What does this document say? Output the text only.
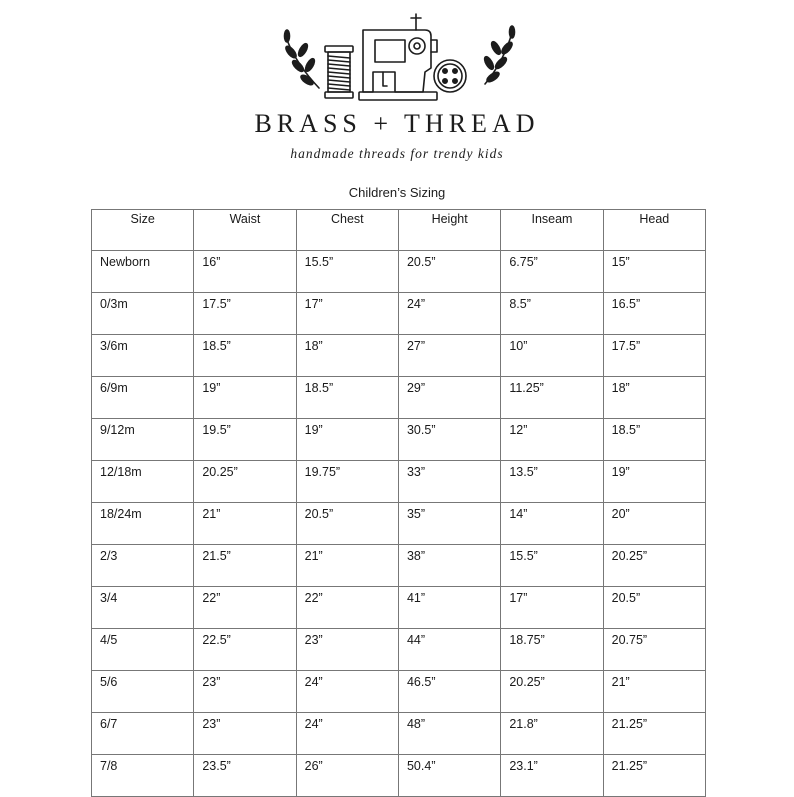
BRASS + THREAD
handmade threads for trendy kids
Children’s Sizing
Size	Waist	Chest	Height	Inseam	Head
Newborn	16”	15.5”	20.5”	6.75”	15”
0/3m	17.5”	17”	24”	8.5”	16.5”
3/6m	18.5”	18”	27”	10”	17.5”
6/9m	19”	18.5”	29”	11.25”	18”
9/12m	19.5”	19”	30.5”	12”	18.5”
12/18m	20.25”	19.75”	33”	13.5”	19”
18/24m	21”	20.5”	35”	14”	20”
2/3	21.5”	21”	38”	15.5”	20.25”
3/4	22”	22”	41”	17”	20.5”
4/5	22.5”	23”	44”	18.75”	20.75”
5/6	23”	24”	46.5”	20.25”	21”
6/7	23”	24”	48”	21.8”	21.25”
7/8	23.5”	26”	50.4”	23.1”	21.25”
